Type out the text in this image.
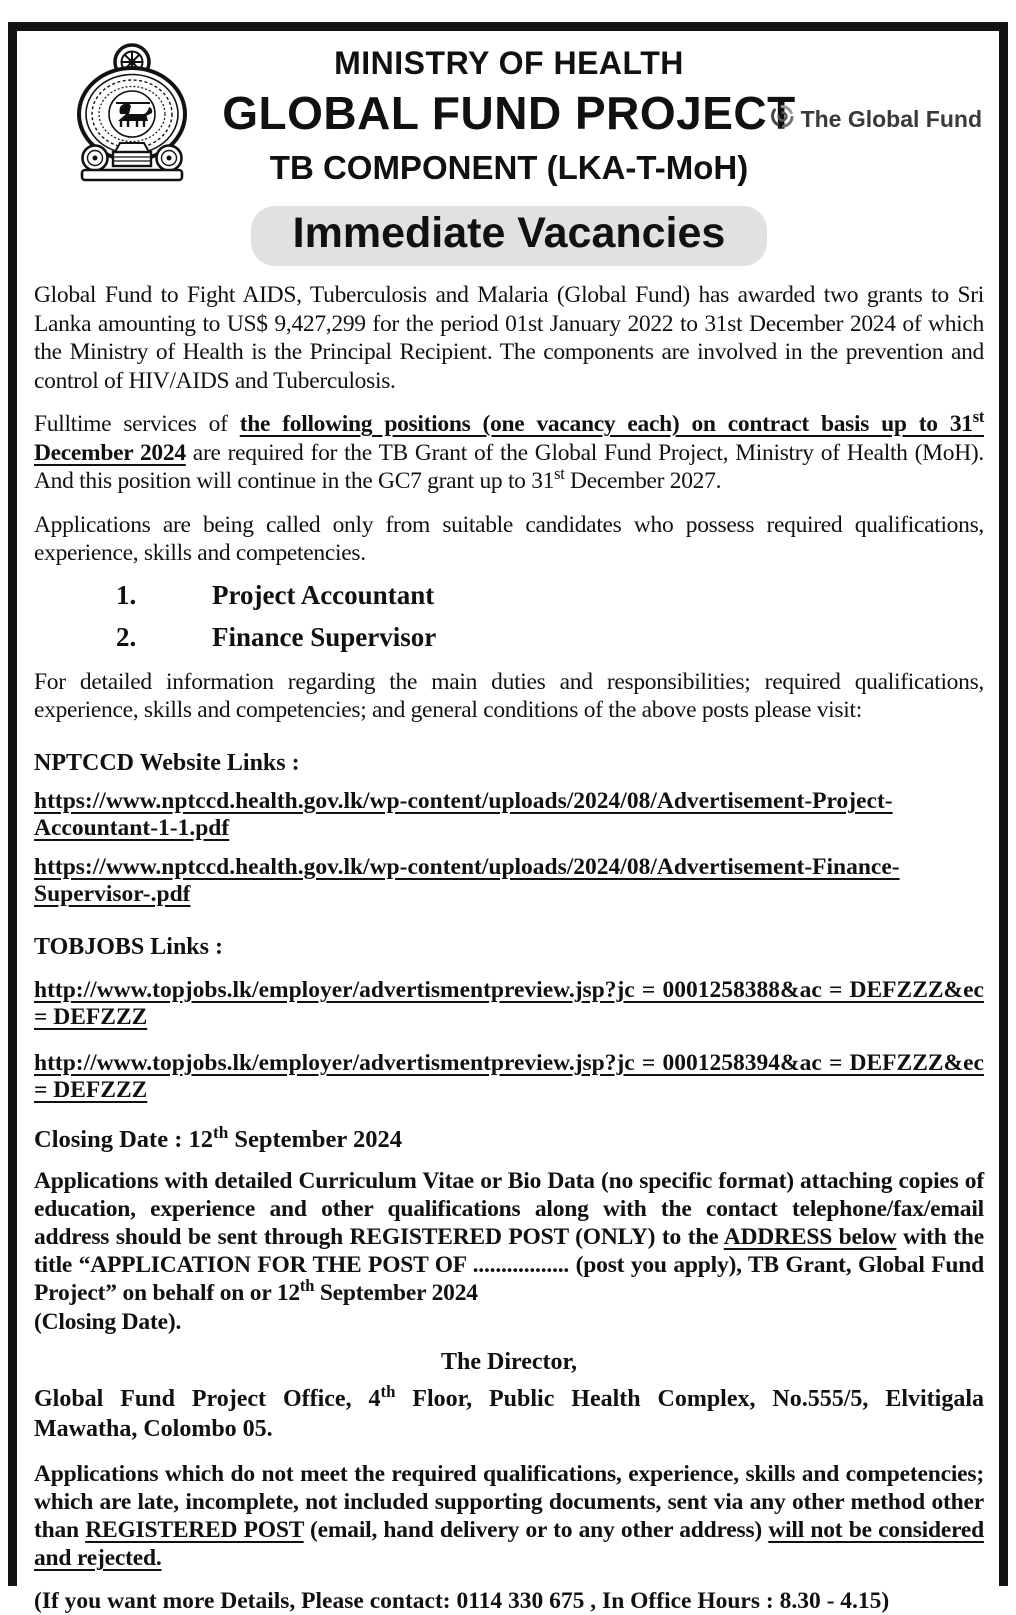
MINISTRY OF HEALTH
GLOBAL FUND PROJECT
TB COMPONENT (LKA-T-MoH)
The Global Fund
Immediate Vacancies

Global Fund to Fight AIDS, Tuberculosis and Malaria (Global Fund) has awarded two grants to Sri Lanka amounting to US$ 9,427,299 for the period 01st January 2022 to 31st December 2024 of which the Ministry of Health is the Principal Recipient. The components are involved in the prevention and control of HIV/AIDS and Tuberculosis.

Fulltime services of the following positions (one vacancy each) on contract basis up to 31st December 2024 are required for the TB Grant of the Global Fund Project, Ministry of Health (MoH). And this position will continue in the GC7 grant up to 31st December 2027.

Applications are being called only from suitable candidates who possess required qualifications, experience, skills and competencies.

1.	Project Accountant
2.	Finance Supervisor

For detailed information regarding the main duties and responsibilities; required qualifications, experience, skills and competencies; and general conditions of the above posts please visit:

NPTCCD Website Links :
https://www.nptccd.health.gov.lk/wp-content/uploads/2024/08/Advertisement-Project-Accountant-1-1.pdf
https://www.nptccd.health.gov.lk/wp-content/uploads/2024/08/Advertisement-Finance-Supervisor-.pdf
TOBJOBS Links :
http://www.topjobs.lk/employer/advertismentpreview.jsp?jc = 0001258388&ac = DEFZZZ&ec = DEFZZZ
http://www.topjobs.lk/employer/advertismentpreview.jsp?jc = 0001258394&ac = DEFZZZ&ec = DEFZZZ
Closing Date : 12th September 2024

Applications with detailed Curriculum Vitae or Bio Data (no specific format) attaching copies of education, experience and other qualifications along with the contact telephone/fax/email address should be sent through REGISTERED POST (ONLY) to the ADDRESS below with the title “APPLICATION FOR THE POST OF ................. (post you apply), TB Grant, Global Fund Project” on behalf on or 12th September 2024
(Closing Date).

The Director,

Global Fund Project Office, 4th Floor, Public Health Complex, No.555/5, Elvitigala Mawatha, Colombo 05.

Applications which do not meet the required qualifications, experience, skills and competencies; which are late, incomplete, not included supporting documents, sent via any other method other than REGISTERED POST (email, hand delivery or to any other address) will not be considered and rejected.

(If you want more Details, Please contact: 0114 330 675 , In Office Hours : 8.30 - 4.15)
